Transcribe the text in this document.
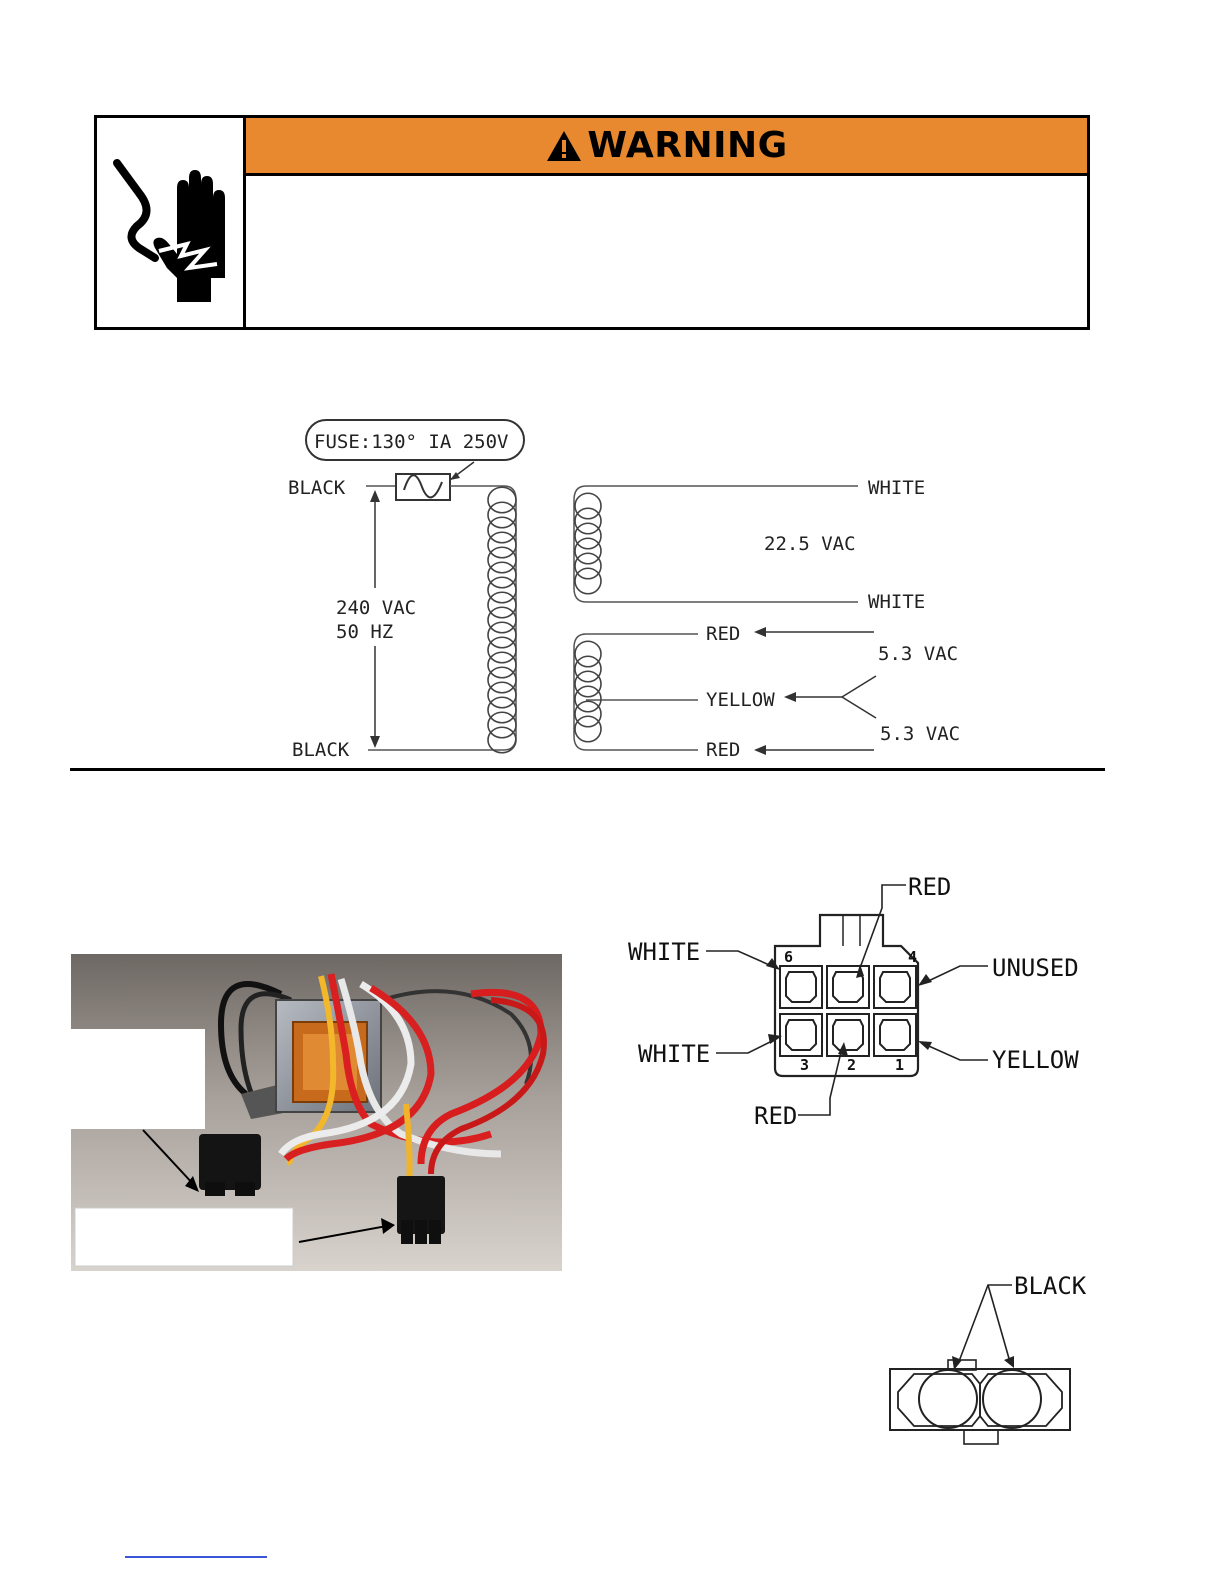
WARNING
FUSE:130° IA 250V
BLACK
BLACK
240 VAC
50 HZ
WHITE
WHITE
22.5 VAC
RED
YELLOW
RED
5.3 VAC
5.3 VAC
6	4
3	2	1
RED
WHITE
UNUSED
WHITE	YELLOW
RED
BLACK
